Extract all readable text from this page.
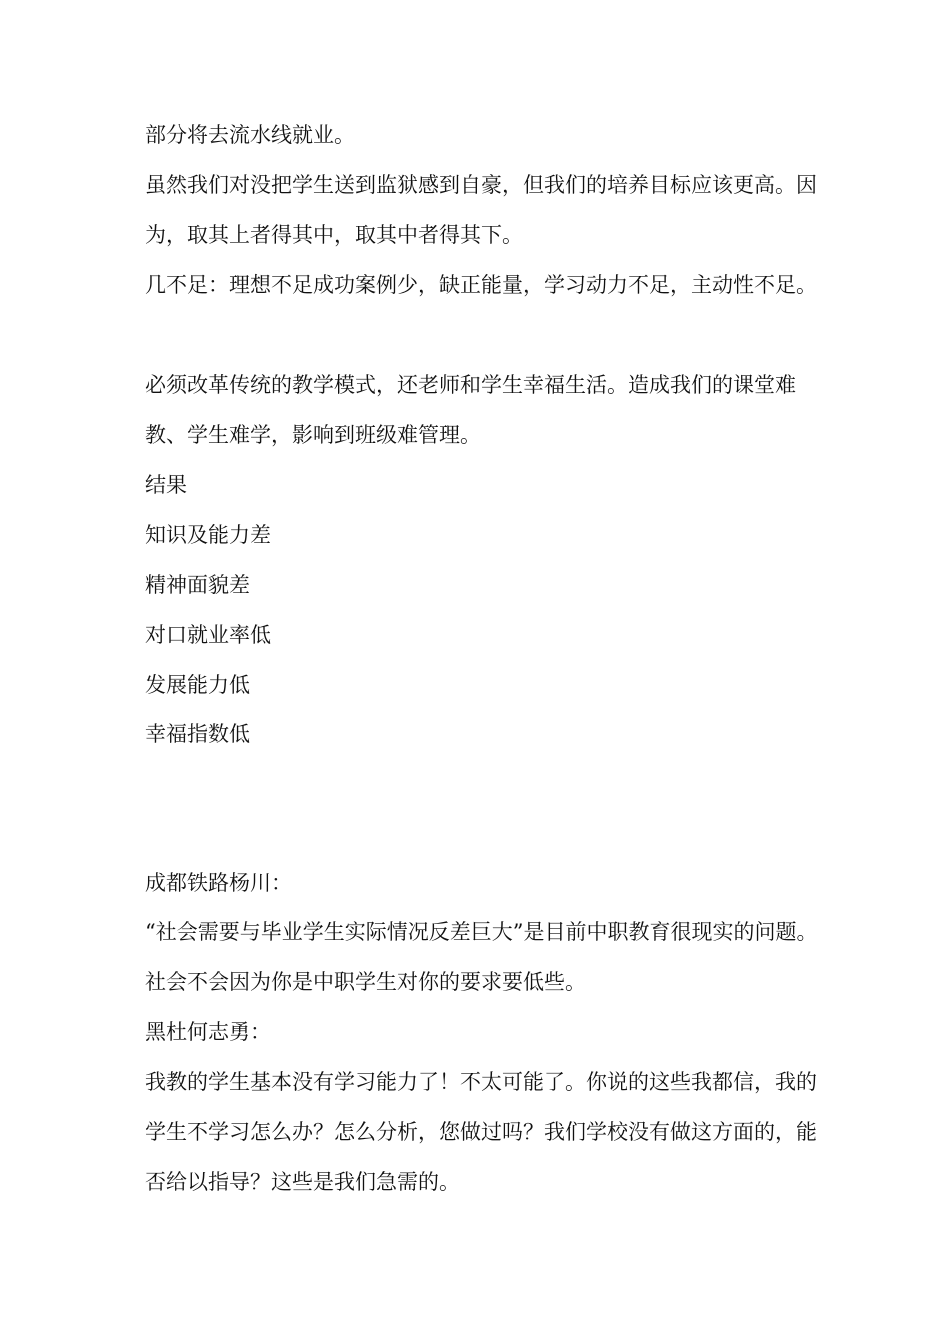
部分将去流水线就业。

虽然我们对没把学生送到监狱感到自豪，但我们的培养目标应该更高。因为，取其上者得其中，取其中者得其下。

几不足：理想不足成功案例少，缺正能量，学习动力不足，主动性不足。

必须改革传统的教学模式，还老师和学生幸福生活。造成我们的课堂难教、学生难学，影响到班级难管理。

结果

知识及能力差

精神面貌差

对口就业率低

发展能力低

幸福指数低

成都铁路杨川：

“社会需要与毕业学生实际情况反差巨大”是目前中职教育很现实的问题。社会不会因为你是中职学生对你的要求要低些。

黑杜何志勇：

我教的学生基本没有学习能力了！不太可能了。你说的这些我都信，我的学生不学习怎么办？怎么分析，您做过吗？我们学校没有做这方面的，能否给以指导？这些是我们急需的。
